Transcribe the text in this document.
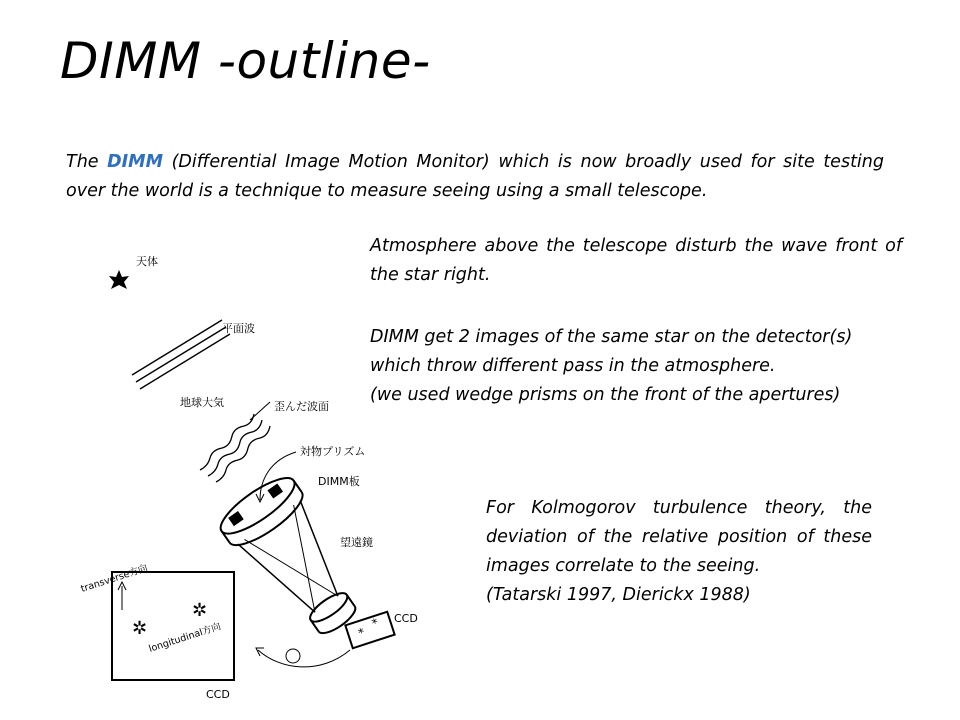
DIMM -outline-
The DIMM (Differential Image Motion Monitor) which is now broadly used for site testing over the world is a technique to measure seeing using a small telescope.
Atmosphere above the telescope disturb the wave front of the star right.
DIMM get 2 images of the same star on the detector(s)
which throw different pass in the atmosphere.
(we used wedge prisms on the front of the apertures)
For Kolmogorov turbulence theory, the deviation of the relative position of these images correlate to the seeing.
(Tatarski 1997, Dierickx 1988)
天体
平面波
地球大気	歪んだ波面
対物プリズム
DIMM板
望遠鏡
*
* CCD
✲
✲
CCD
transverse方向
longitudinal方向
